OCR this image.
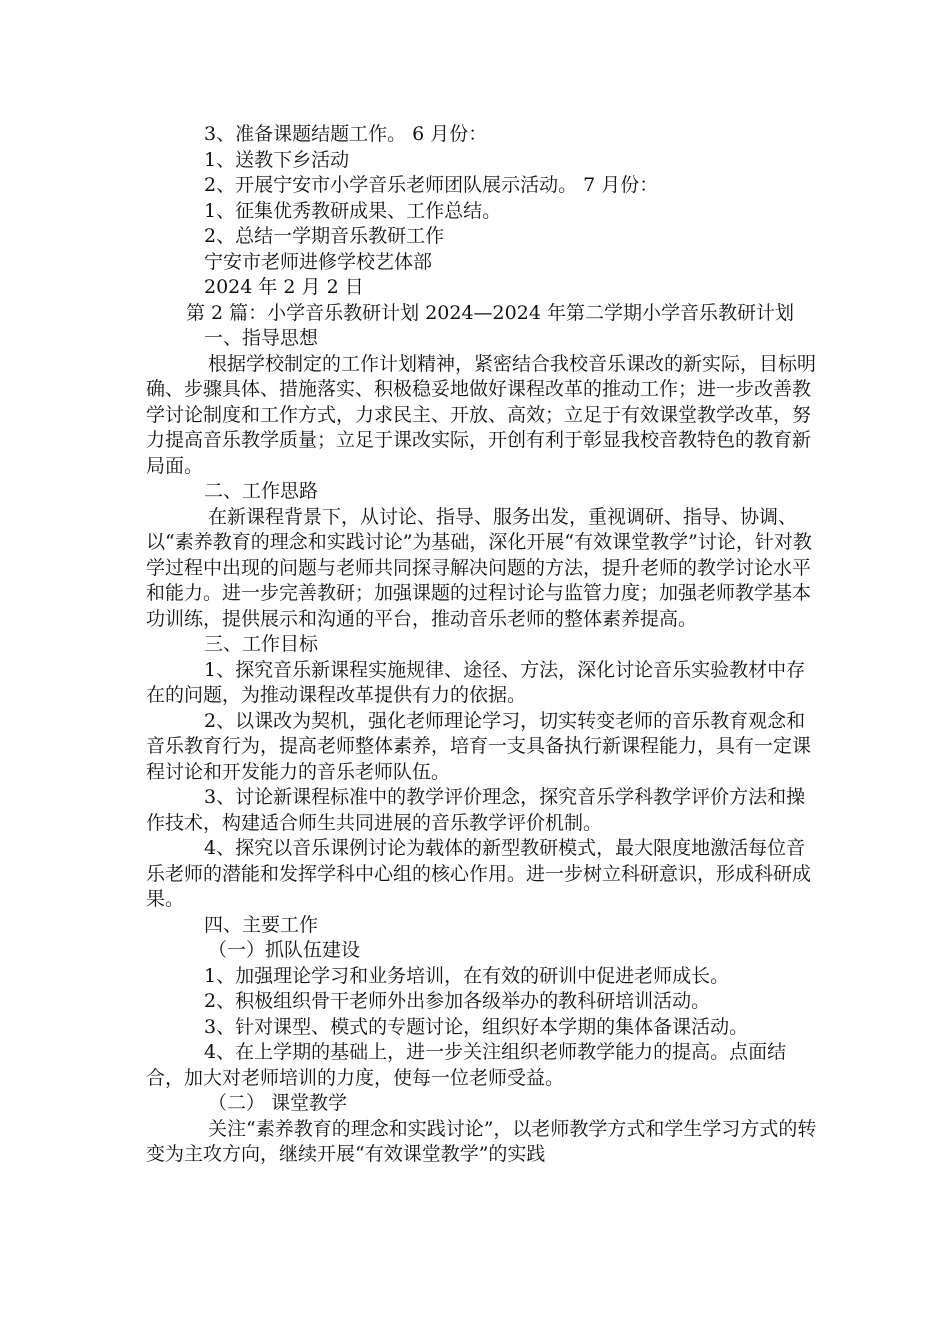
3、准备课题结题工作。 6 月份：

1、送教下乡活动

2、开展宁安市小学音乐老师团队展示活动。 7 月份：

1、征集优秀教研成果、工作总结。

2、总结一学期音乐教研工作

宁安市老师进修学校艺体部

2024 年 2 月 2 日

第 2 篇：小学音乐教研计划 2024—2024 年第二学期小学音乐教研计划

一、指导思想

根据学校制定的工作计划精神，紧密结合我校音乐课改的新实际，目标明确、步骤具体、措施落实、积极稳妥地做好课程改革的推动工作；进一步改善教学讨论制度和工作方式，力求民主、开放、高效；立足于有效课堂教学改革，努力提高音乐教学质量；立足于课改实际，开创有利于彰显我校音教特色的教育新局面。

二、工作思路

在新课程背景下，从讨论、指导、服务出发，重视调研、指导、协调、以“素养教育的理念和实践讨论”为基础，深化开展“有效课堂教学”讨论，针对教学过程中出现的问题与老师共同探寻解决问题的方法，提升老师的教学讨论水平和能力。进一步完善教研；加强课题的过程讨论与监管力度；加强老师教学基本功训练，提供展示和沟通的平台，推动音乐老师的整体素养提高。

三、工作目标

1、探究音乐新课程实施规律、途径、方法，深化讨论音乐实验教材中存在的问题，为推动课程改革提供有力的依据。

2、以课改为契机，强化老师理论学习，切实转变老师的音乐教育观念和音乐教育行为，提高老师整体素养，培育一支具备执行新课程能力，具有一定课程讨论和开发能力的音乐老师队伍。

3、讨论新课程标准中的教学评价理念，探究音乐学科教学评价方法和操作技术，构建适合师生共同进展的音乐教学评价机制。

4、探究以音乐课例讨论为载体的新型教研模式，最大限度地激活每位音乐老师的潜能和发挥学科中心组的核心作用。进一步树立科研意识，形成科研成果。

四、主要工作

（一）抓队伍建设

1、加强理论学习和业务培训，在有效的研训中促进老师成长。

2、积极组织骨干老师外出参加各级举办的教科研培训活动。

3、针对课型、模式的专题讨论，组织好本学期的集体备课活动。

4、在上学期的基础上，进一步关注组织老师教学能力的提高。点面结合，加大对老师培训的力度，使每一位老师受益。

（二） 课堂教学

关注“素养教育的理念和实践讨论”，以老师教学方式和学生学习方式的转变为主攻方向，继续开展“有效课堂教学”的实践
